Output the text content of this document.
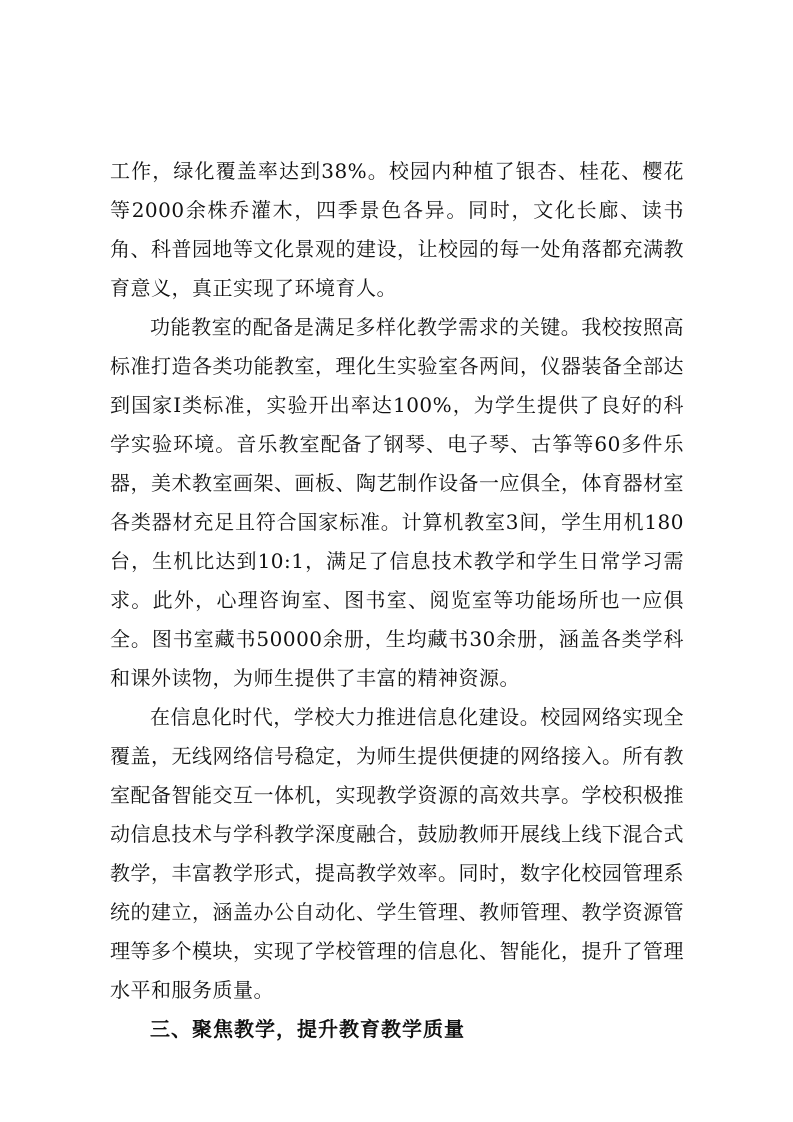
工作，绿化覆盖率达到38%。校园内种植了银杏、桂花、樱花等2000余株乔灌木，四季景色各异。同时，文化长廊、读书角、科普园地等文化景观的建设，让校园的每一处角落都充满教育意义，真正实现了环境育人。

功能教室的配备是满足多样化教学需求的关键。我校按照高标准打造各类功能教室，理化生实验室各两间，仪器装备全部达到国家I类标准，实验开出率达100%，为学生提供了良好的科学实验环境。音乐教室配备了钢琴、电子琴、古筝等60多件乐器，美术教室画架、画板、陶艺制作设备一应俱全，体育器材室各类器材充足且符合国家标准。计算机教室3间，学生用机180台，生机比达到10:1，满足了信息技术教学和学生日常学习需求。此外，心理咨询室、图书室、阅览室等功能场所也一应俱全。图书室藏书50000余册，生均藏书30余册，涵盖各类学科和课外读物，为师生提供了丰富的精神资源。

在信息化时代，学校大力推进信息化建设。校园网络实现全覆盖，无线网络信号稳定，为师生提供便捷的网络接入。所有教室配备智能交互一体机，实现教学资源的高效共享。学校积极推动信息技术与学科教学深度融合，鼓励教师开展线上线下混合式教学，丰富教学形式，提高教学效率。同时，数字化校园管理系统的建立，涵盖办公自动化、学生管理、教师管理、教学资源管理等多个模块，实现了学校管理的信息化、智能化，提升了管理水平和服务质量。

三、聚焦教学，提升教育教学质量
